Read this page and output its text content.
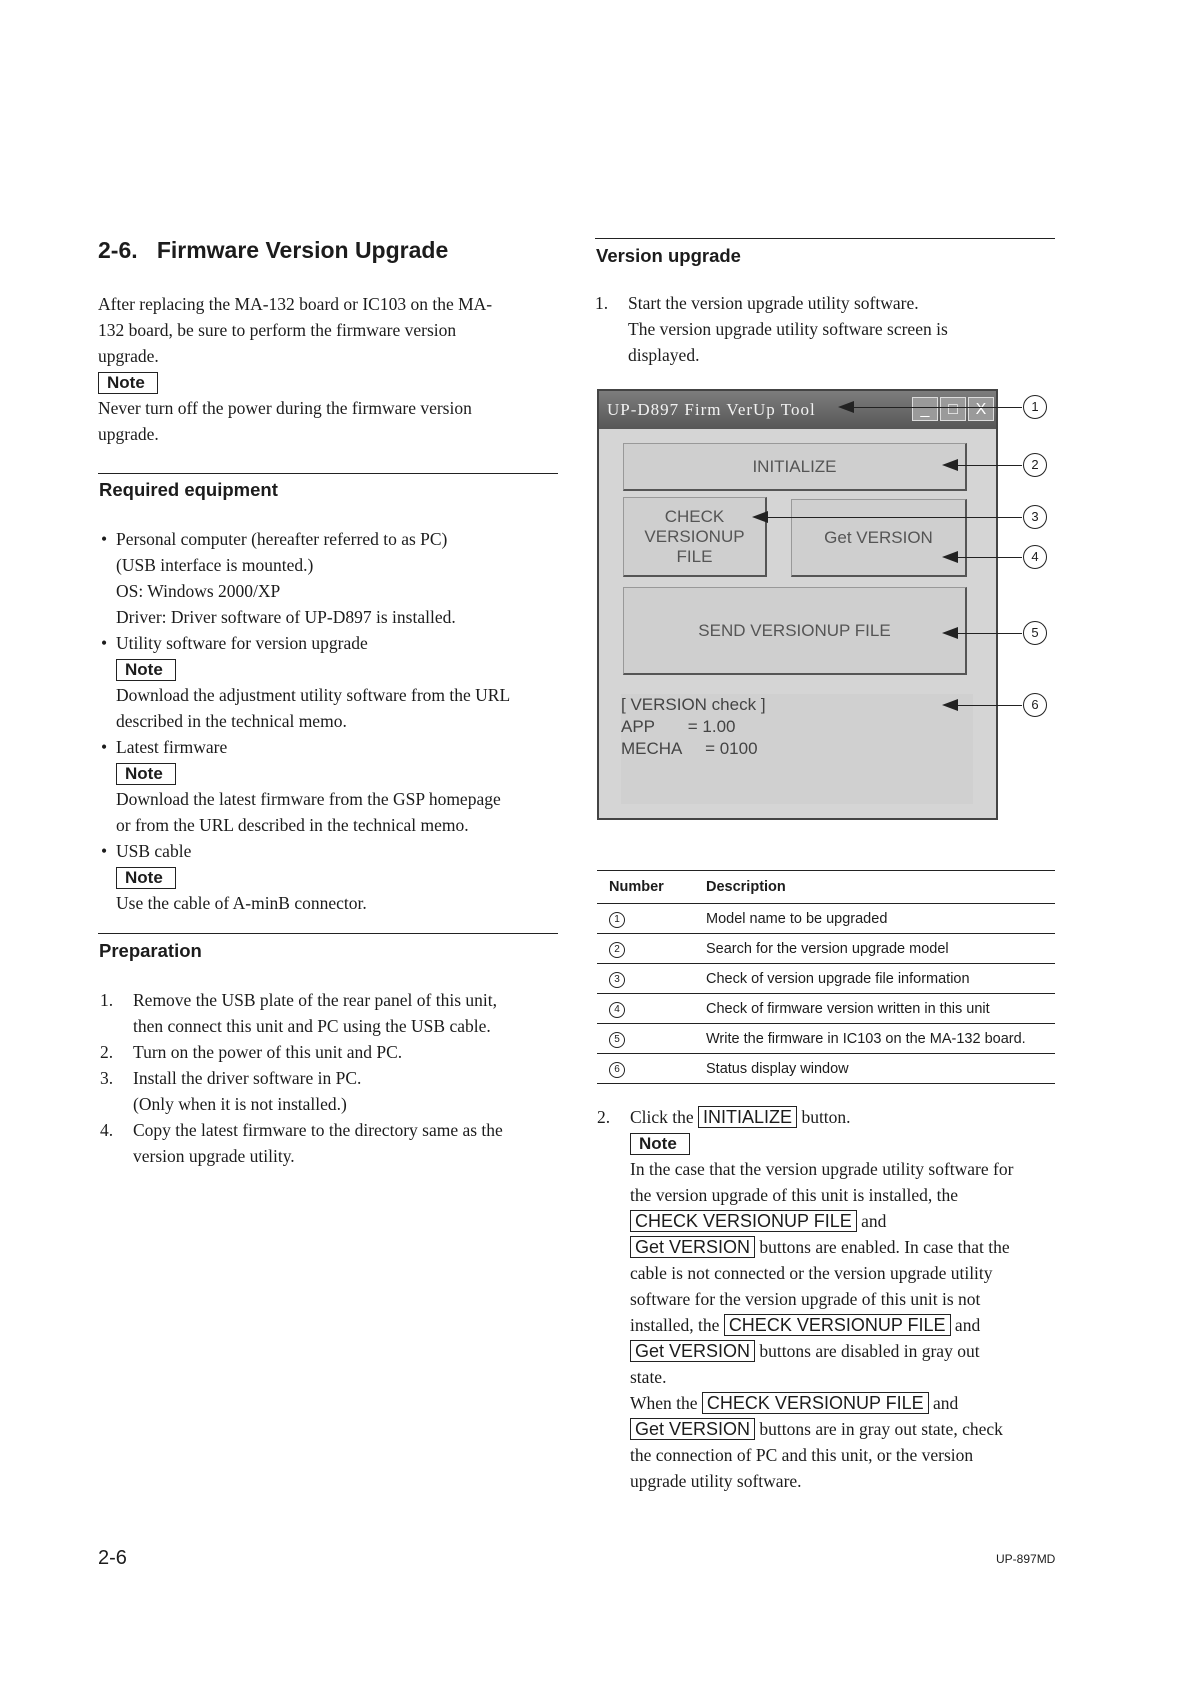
2-6. Firmware Version Upgrade

After replacing the MA-132 board or IC103 on the MA-

132 board, be sure to perform the firmware version

upgrade.

Note

Never turn off the power during the firmware version

upgrade.

Required equipment
• Personal computer (hereafter referred to as PC)

(USB interface is mounted.)

OS: Windows 2000/XP

Driver: Driver software of UP-D897 is installed.

• Utility software for version upgrade

Note

Download the adjustment utility software from the URL

described in the technical memo.

• Latest firmware

Note

Download the latest firmware from the GSP homepage

or from the URL described in the technical memo.

• USB cable

Note

Use the cable of A-minB connector.

Preparation
1. Remove the USB plate of the rear panel of this unit,

then connect this unit and PC using the USB cable.

2. Turn on the power of this unit and PC.

3. Install the driver software in PC.

(Only when it is not installed.)

4. Copy the latest firmware to the directory same as the

version upgrade utility.

Version upgrade
1. Start the version upgrade utility software.

The version upgrade utility software screen is

displayed.

UP-D897 Firm VerUp Tool	_	□	X
INITIALIZE
CHECK
VERSIONUP
FILE
Get VERSION
SEND VERSIONUP FILE
[ VERSION check ]
APP       = 1.00
MECHA     = 0100
1
2
3
4
5
6
Number	Description
1	Model name to be upgraded
2	Search for the version upgrade model
3	Check of version upgrade file information
4	Check of firmware version written in this unit
5	Write the firmware in IC103 on the MA-132 board.
6	Status display window
2. Click the INITIALIZE button.

Note

In the case that the version upgrade utility software for

the version upgrade of this unit is installed, the

CHECK VERSIONUP FILE and

Get VERSION buttons are enabled. In case that the

cable is not connected or the version upgrade utility

software for the version upgrade of this unit is not

installed, the CHECK VERSIONUP FILE and

Get VERSION buttons are disabled in gray out

state.

When the CHECK VERSIONUP FILE and

Get VERSION buttons are in gray out state, check

the connection of PC and this unit, or the version

upgrade utility software.

2-6	UP-897MD
